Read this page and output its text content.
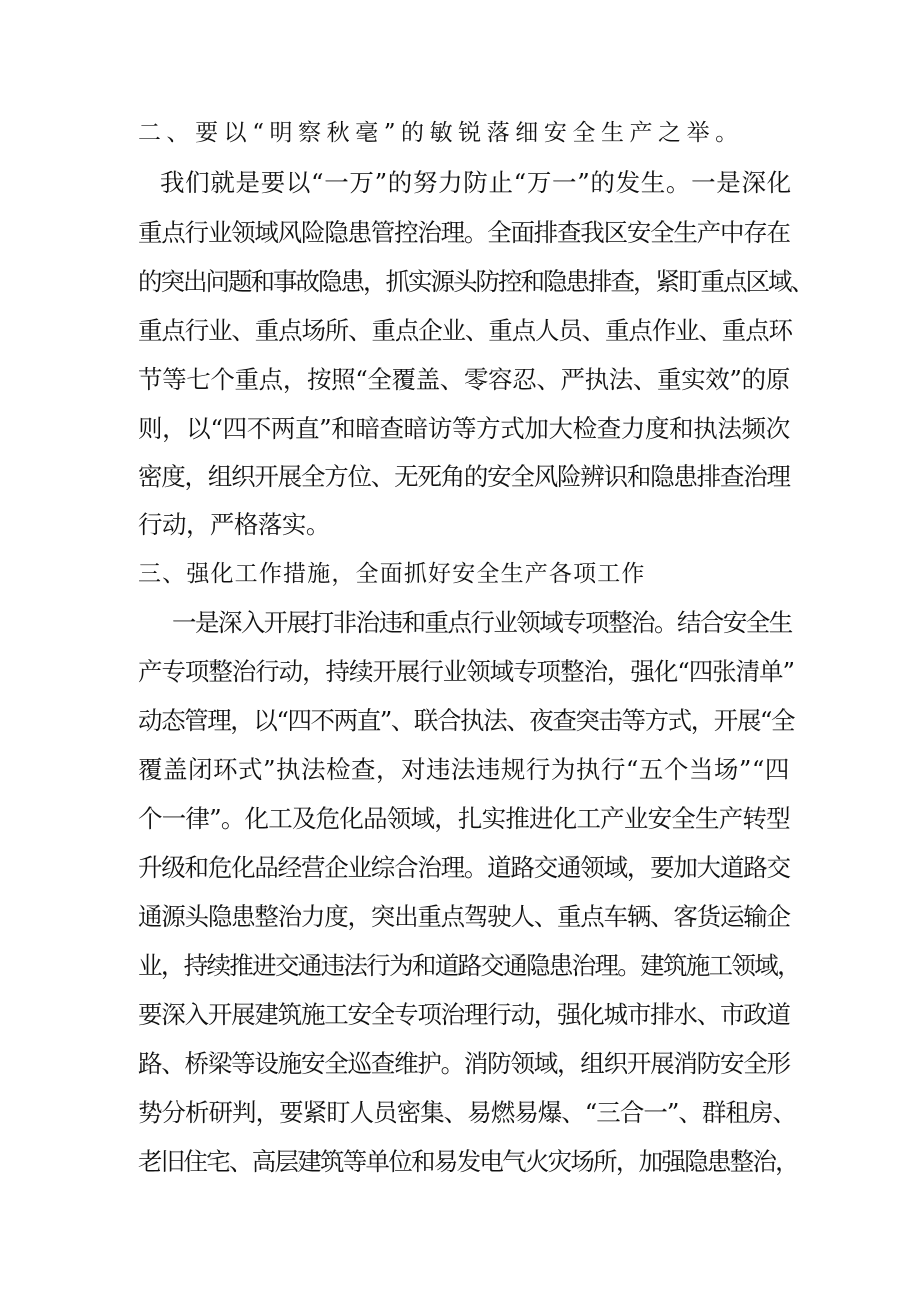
二、要以“明察秋毫”的敏锐落细安全生产之举。
我们就是要以“一万”的努力防止“万一”的发生。一是深化
重点行业领域风险隐患管控治理。全面排查我区安全生产中存在
的突出问题和事故隐患，抓实源头防控和隐患排查，紧盯重点区域、
重点行业、重点场所、重点企业、重点人员、重点作业、重点环
节等七个重点，按照“全覆盖、零容忍、严执法、重实效”的原
则，以“四不两直”和暗查暗访等方式加大检查力度和执法频次
密度，组织开展全方位、无死角的安全风险辨识和隐患排查治理
行动，严格落实。
三、强化工作措施，全面抓好安全生产各项工作
一是深入开展打非治违和重点行业领域专项整治。结合安全生
产专项整治行动，持续开展行业领域专项整治，强化“四张清单”
动态管理，以“四不两直”、联合执法、夜查突击等方式，开展“全
覆盖闭环式”执法检查，对违法违规行为执行“五个当场”“四
个一律”。化工及危化品领域，扎实推进化工产业安全生产转型
升级和危化品经营企业综合治理。道路交通领域，要加大道路交
通源头隐患整治力度，突出重点驾驶人、重点车辆、客货运输企
业，持续推进交通违法行为和道路交通隐患治理。建筑施工领域，
要深入开展建筑施工安全专项治理行动，强化城市排水、市政道
路、桥梁等设施安全巡查维护。消防领域，组织开展消防安全形
势分析研判，要紧盯人员密集、易燃易爆、“三合一”、群租房、
老旧住宅、高层建筑等单位和易发电气火灾场所，加强隐患整治，
